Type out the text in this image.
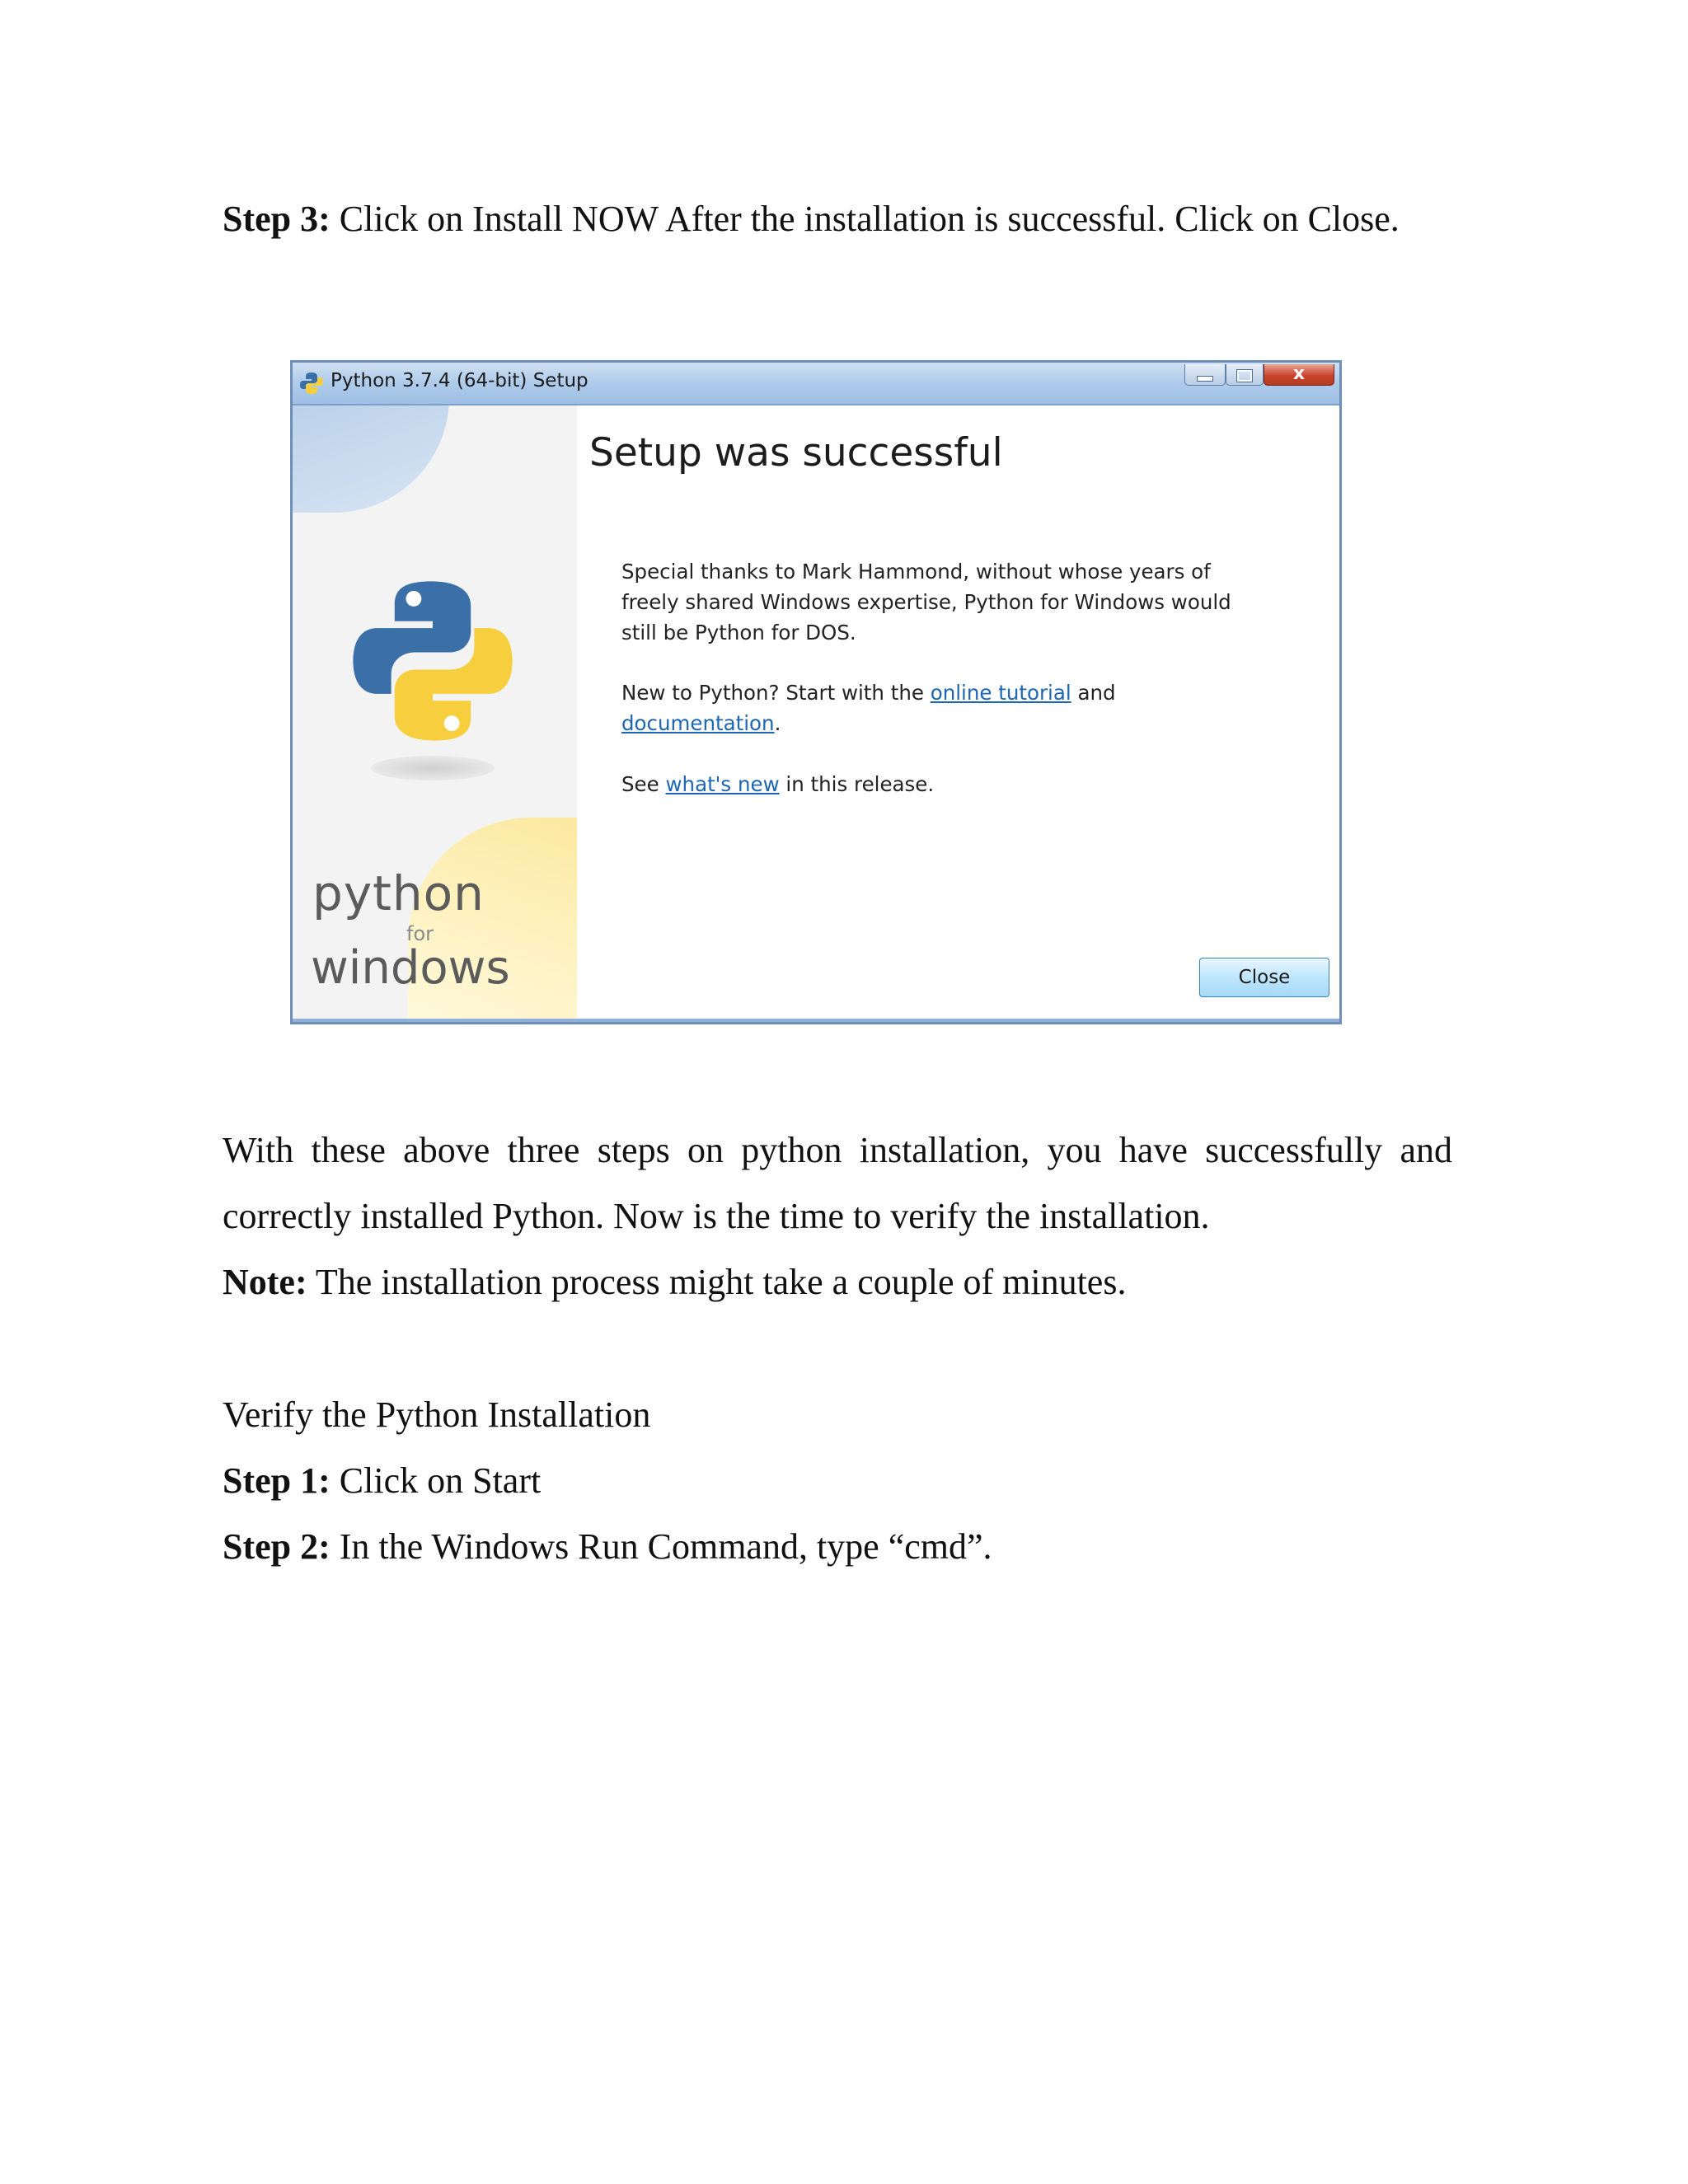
Step 3: Click on Install NOW After the installation is successful. Click on Close.

Python 3.7.4 (64-bit) Setup	x
python
for
windows
Setup was successful
Special thanks to Mark Hammond, without whose years of
freely shared Windows expertise, Python for Windows would
still be Python for DOS.
New to Python? Start with the online tutorial and
documentation.
See what's new in this release.
Close

With these above three steps on python installation, you have successfully and correctly installed Python. Now is the time to verify the installation.

Note: The installation process might take a couple of minutes.

Verify the Python Installation

Step 1: Click on Start

Step 2: In the Windows Run Command, type “cmd”.
